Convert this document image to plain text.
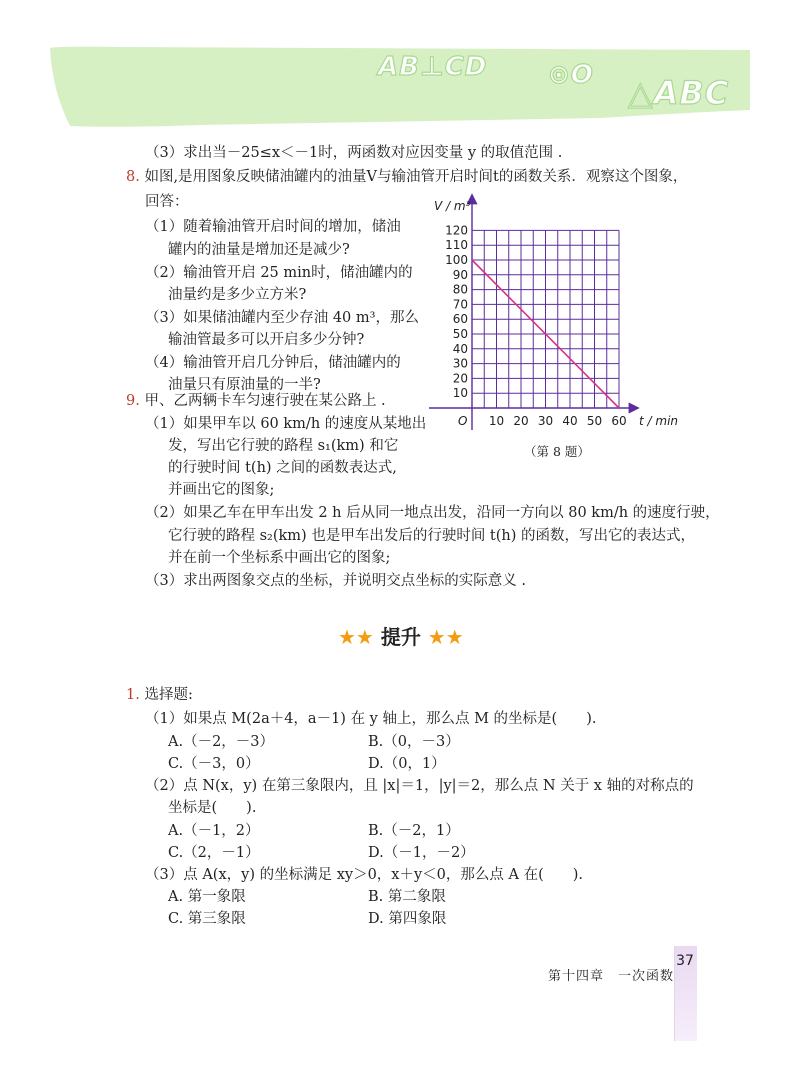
AB⊥CD ⊙O △ABC
（3）求出当－25≤x＜－1时，两函数对应因变量 y 的取值范围 .
8. 如图,是用图象反映储油罐内的油量V与输油管开启时间t的函数关系．观察这个图象，
回答：
（1）随着输油管开启时间的增加，储油
罐内的油量是增加还是减少?
（2）输油管开启 25 min时，储油罐内的
油量约是多少立方米?
（3）如果储油罐内至少存油 40 m³，那么
输油管最多可以开启多少分钟?
（4）输油管开启几分钟后，储油罐内的
油量只有原油量的一半?
10
20
30
40
50
60
70
80
90
100
110
120
10 20 30 40 50 60
O	t / min
V / m³
（第 8 题）
9. 甲、乙两辆卡车匀速行驶在某公路上 .
（1）如果甲车以 60 km/h 的速度从某地出
发，写出它行驶的路程 s₁(km) 和它
的行驶时间 t(h) 之间的函数表达式,
并画出它的图象;
（2）如果乙车在甲车出发 2 h 后从同一地点出发，沿同一方向以 80 km/h 的速度行驶，
它行驶的路程 s₂(km) 也是甲车出发后的行驶时间 t(h) 的函数，写出它的表达式，
并在前一个坐标系中画出它的图象;
（3）求出两图象交点的坐标，并说明交点坐标的实际意义 .
★★ 提升 ★★
1. 选择题:
（1）如果点 M(2a＋4，a－1) 在 y 轴上，那么点 M 的坐标是(　　).
A.（－2，－3）	B.（0，－3）
C.（－3，0）	D.（0，1）
（2）点 N(x，y) 在第三象限内，且 |x|＝1，|y|＝2，那么点 N 关于 x 轴的对称点的
坐标是(　　).
A.（－1，2）	B.（－2，1）
C.（2，－1）	D.（－1，－2）
（3）点 A(x，y) 的坐标满足 xy＞0，x＋y＜0，那么点 A 在(　　).
A. 第一象限	B. 第二象限
C. 第三象限	D. 第四象限
第十四章　一次函数
37
